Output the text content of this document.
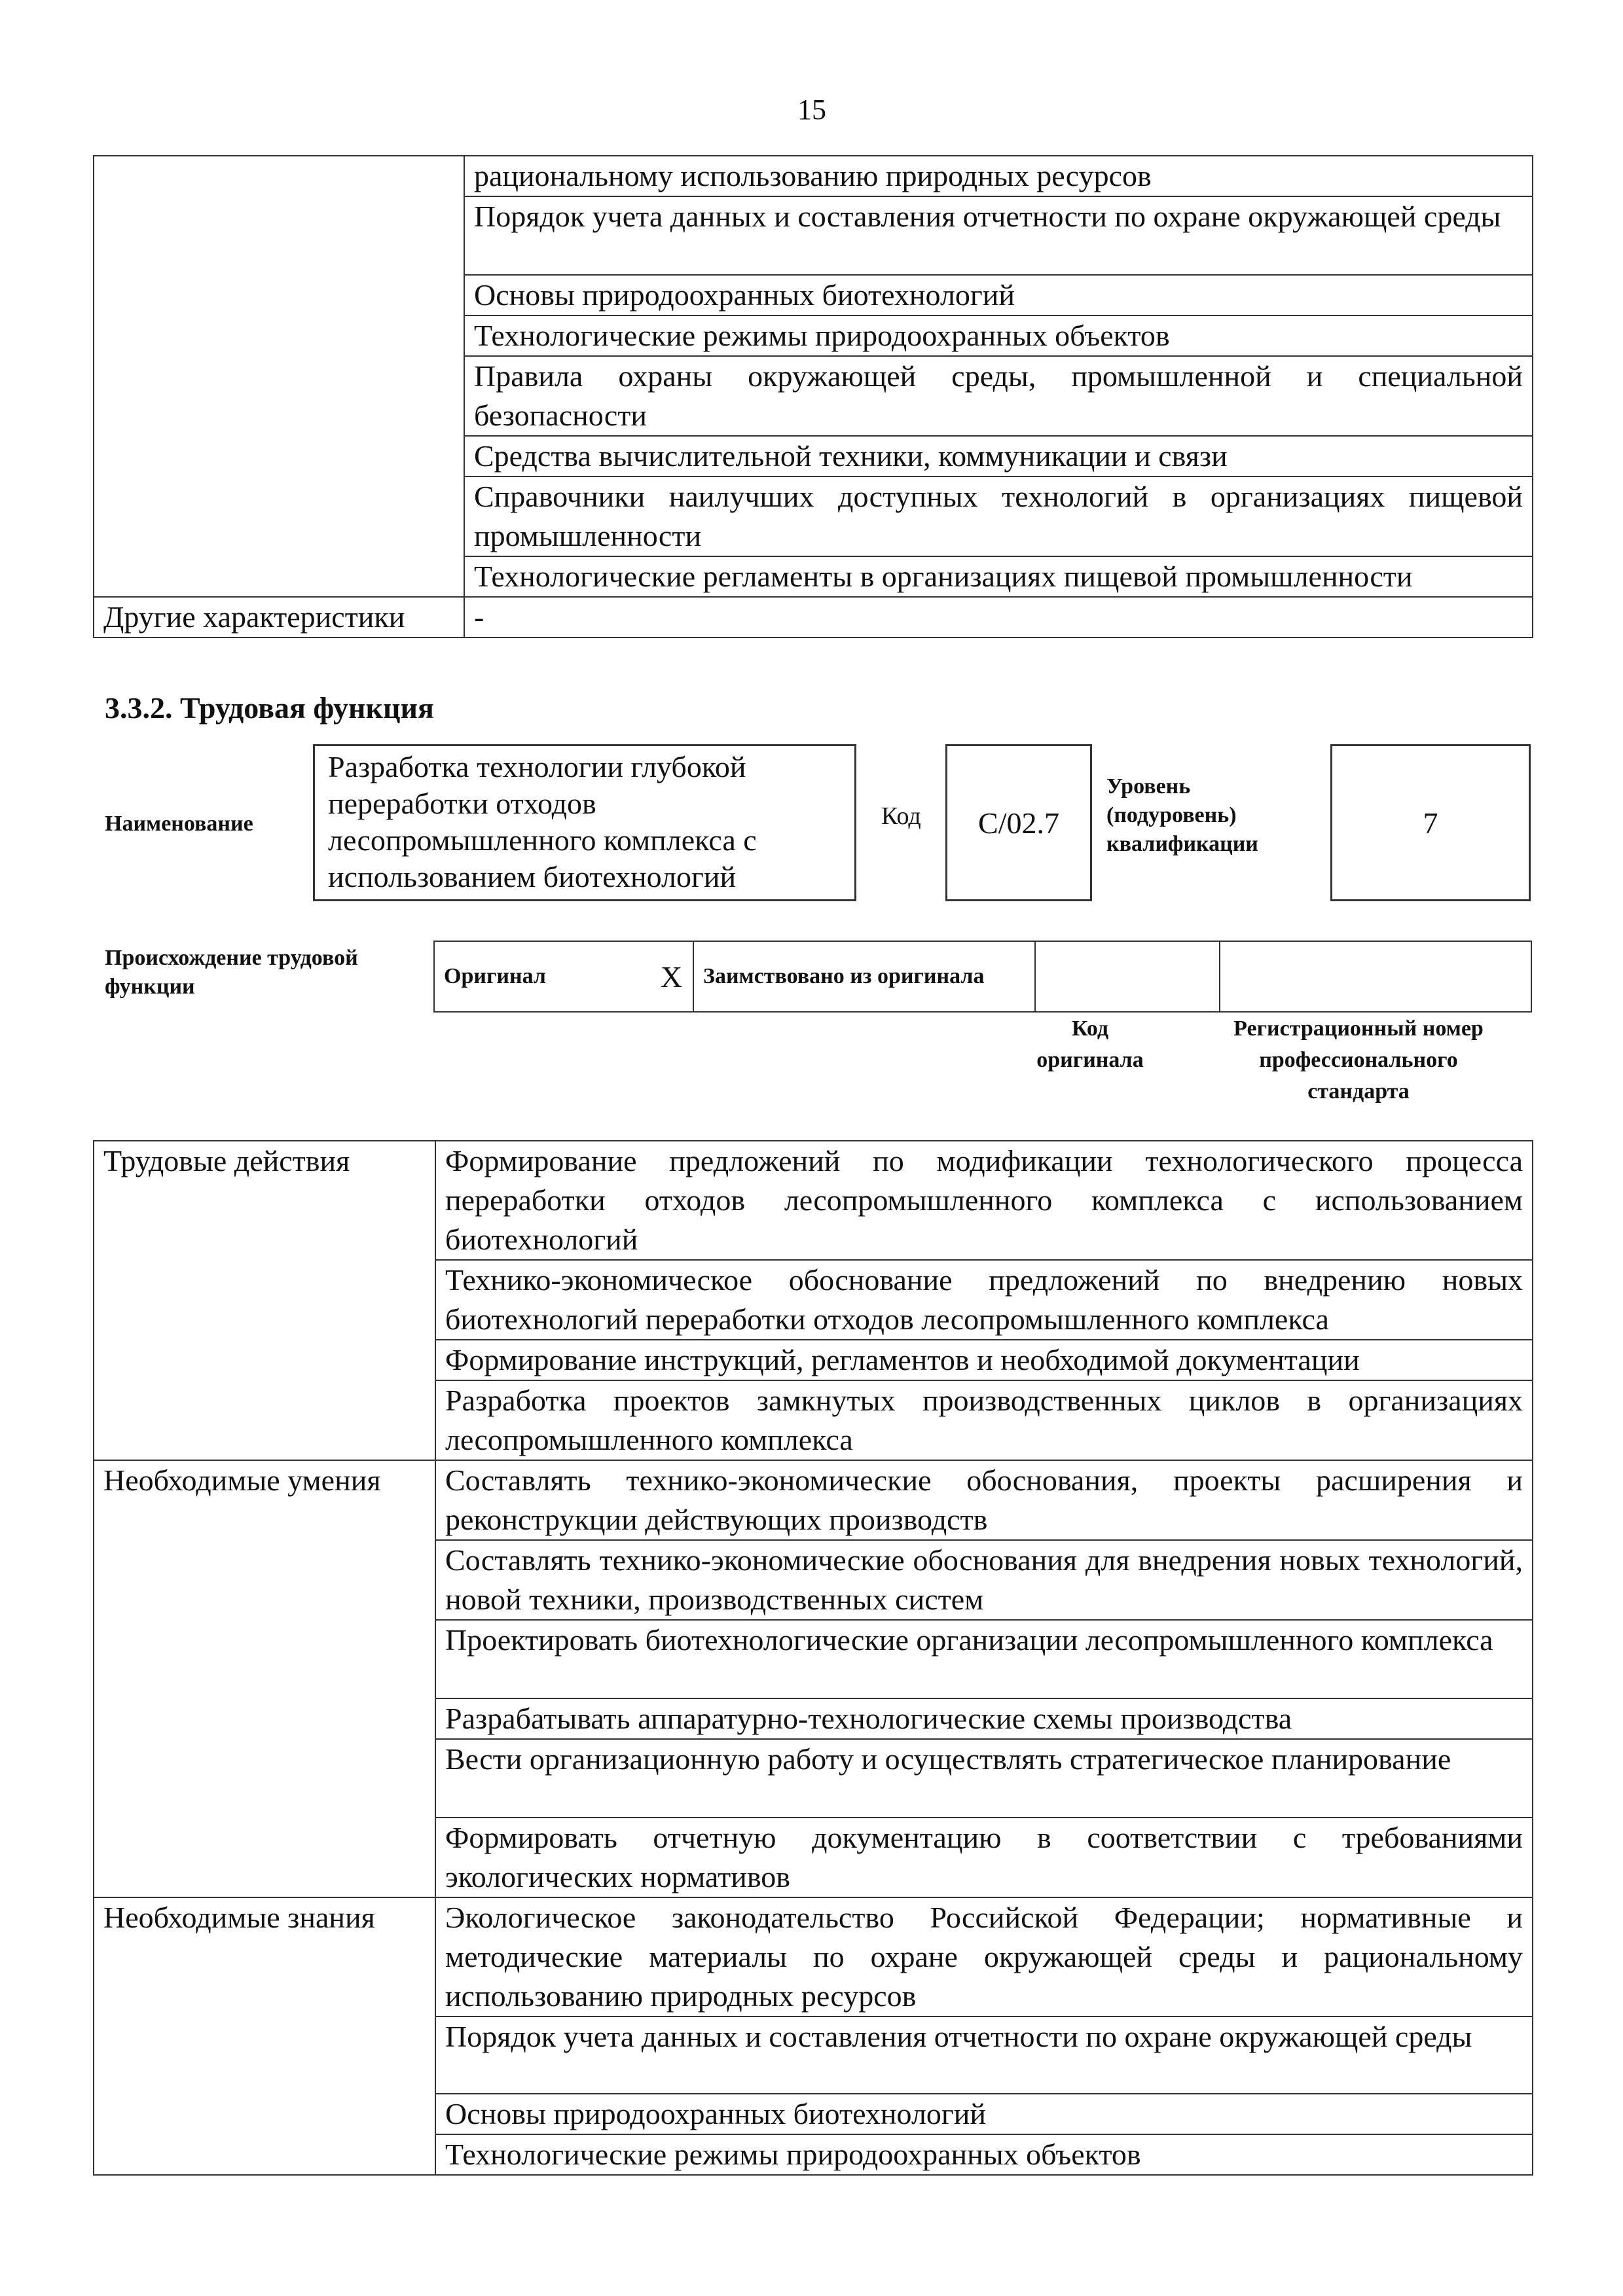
15
	рациональному использованию природных ресурсов
	Порядок учета данных и составления отчетности по охране окружающей среды
	Основы природоохранных биотехнологий
	Технологические режимы природоохранных объектов
	Правила охраны окружающей среды, промышленной и специальной безопасности
	Средства вычислительной техники, коммуникации и связи
	Справочники наилучших доступных технологий в организациях пищевой промышленности
	Технологические регламенты в организациях пищевой промышленности
Другие характеристики	-
3.3.2. Трудовая функция
Наименование
Разработка технологии глубокой переработки отходов лесопромышленного комплекса с использованием биотехнологий
Код С/02.7
Уровень
(подуровень)
квалификации
7
Происхождение трудовой функции	Оригинал	X	Заимствовано из оригинала		
Код
оригинала
Регистрационный номер
профессионального
стандарта
Трудовые действия	Формирование предложений по модификации технологического процесса переработки отходов лесопромышленного комплекса с использованием биотехнологий
	Технико-экономическое обоснование предложений по внедрению новых биотехнологий переработки отходов лесопромышленного комплекса
	Формирование инструкций, регламентов и необходимой документации
	Разработка проектов замкнутых производственных циклов в организациях лесопромышленного комплекса
Необходимые умения	Составлять технико-экономические обоснования, проекты расширения и реконструкции действующих производств
	Составлять технико-экономические обоснования для внедрения новых технологий, новой техники, производственных систем
	Проектировать биотехнологические организации лесопромышленного комплекса
	Разрабатывать аппаратурно-технологические схемы производства
	Вести организационную работу и осуществлять стратегическое планирование
	Формировать отчетную документацию в соответствии с требованиями экологических нормативов
Необходимые знания	Экологическое законодательство Российской Федерации; нормативные и методические материалы по охране окружающей среды и рациональному использованию природных ресурсов
	Порядок учета данных и составления отчетности по охране окружающей среды
	Основы природоохранных биотехнологий
	Технологические режимы природоохранных объектов
